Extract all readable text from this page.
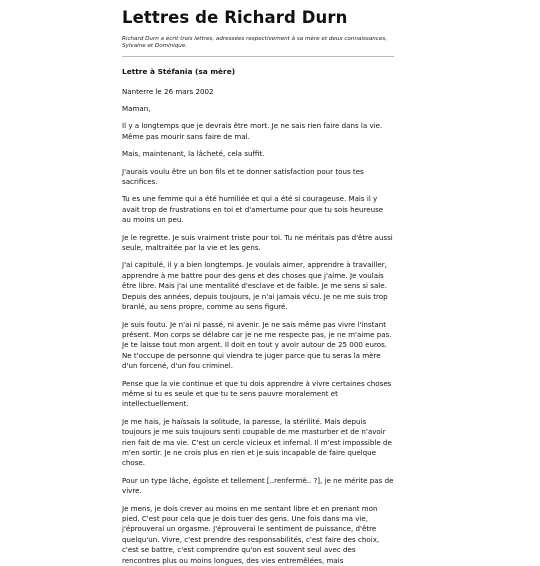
Lettres de Richard Durn

Richard Durn a écrit trois lettres, adressées respectivement à sa mère et deux connaissances, Sylvaine et Dominique.

Lettre à Stéfania (sa mère)

Nanterre le 26 mars 2002

Maman,

Il y a longtemps que je devrais être mort. Je ne sais rien faire dans la vie. Même pas mourir sans faire de mal.

Mais, maintenant, la lâcheté, cela suffit.

J'aurais voulu être un bon fils et te donner satisfaction pour tous tes sacrifices.

Tu es une femme qui a été humiliée et qui a été si courageuse. Mais il y avait trop de frustrations en toi et d'amertume pour que tu sois heureuse au moins un peu.

Je le regrette. Je suis vraiment triste pour toi. Tu ne méritais pas d'être aussi seule, maltraitée par la vie et les gens.

J'ai capitulé, il y a bien longtemps. Je voulais aimer, apprendre à travailler, apprendre à me battre pour des gens et des choses que j'aime. Je voulais être libre. Mais j'ai une mentalité d'esclave et de faible. Je me sens si sale. Depuis des années, depuis toujours, je n'ai jamais vécu. Je ne me suis trop branlé, au sens propre, comme au sens figuré.

Je suis foutu. Je n'ai ni passé, ni avenir. Je ne sais même pas vivre l'instant présent. Mon corps se délabre car je ne me respecte pas, je ne m'aime pas. Je te laisse tout mon argent. Il doit en tout y avoir autour de 25 000 euros. Ne t'occupe de personne qui viendra te juger parce que tu seras la mère d'un forcené, d'un fou criminel.

Pense que la vie continue et que tu dois apprendre à vivre certaines choses même si tu es seule et que tu te sens pauvre moralement et intellectuellement.

Je me hais, je haïssais la solitude, la paresse, la stérilité. Mais depuis toujours je me suis toujours senti coupable de me masturber et de n'avoir rien fait de ma vie. C'est un cercle vicieux et infernal. Il m'est impossible de m'en sortir. Je ne crois plus en rien et je suis incapable de faire quelque chose.

Pour un type lâche, égoïste et tellement [..renfermé.. ?], je ne mérite pas de vivre.

Je mens, je dois crever au moins en me sentant libre et en prenant mon pied. C'est pour cela que je dois tuer des gens. Une fois dans ma vie, j'éprouverai un orgasme. J'éprouverai le sentiment de puissance, d'être quelqu'un. Vivre, c'est prendre des responsabilités, c'est faire des choix, c'est se battre, c'est comprendre qu'on est souvent seul avec des rencontres plus ou moins longues, des vies entremêlées, mais
